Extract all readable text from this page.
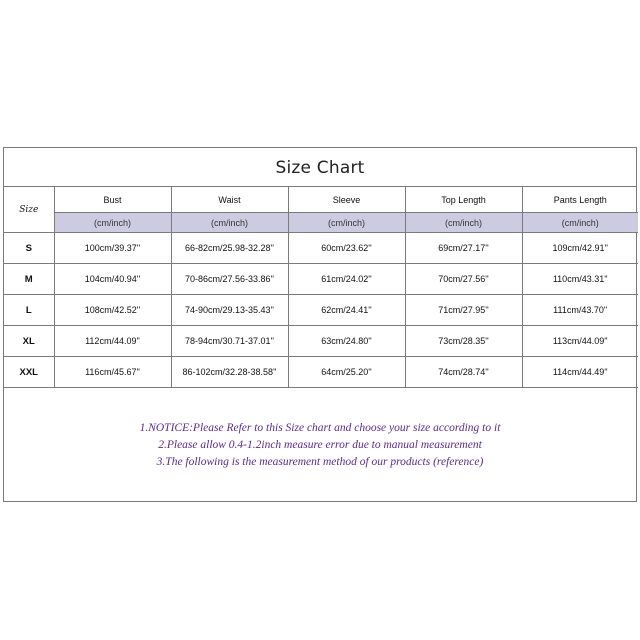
Size Chart
Size	Bust	Waist	Sleeve	Top Length	Pants Length
	(cm/inch)	(cm/inch)	(cm/inch)	(cm/inch)	(cm/inch)
S	100cm/39.37''	66-82cm/25.98-32.28''	60cm/23.62''	69cm/27.17''	109cm/42.91''
M	104cm/40.94''	70-86cm/27.56-33.86''	61cm/24.02''	70cm/27.56''	110cm/43.31''
L	108cm/42.52''	74-90cm/29.13-35.43''	62cm/24.41''	71cm/27.95''	111cm/43.70''
XL	112cm/44.09''	78-94cm/30.71-37.01''	63cm/24.80''	73cm/28.35''	113cm/44.09''
XXL	116cm/45.67''	86-102cm/32.28-38.58''	64cm/25.20''	74cm/28.74''	114cm/44.49''
1.NOTICE:Please Refer to this Size chart and choose your size according to it
2.Please allow 0.4-1.2inch measure error due to manual measurement
3.The following is the measurement method of our products (reference)
